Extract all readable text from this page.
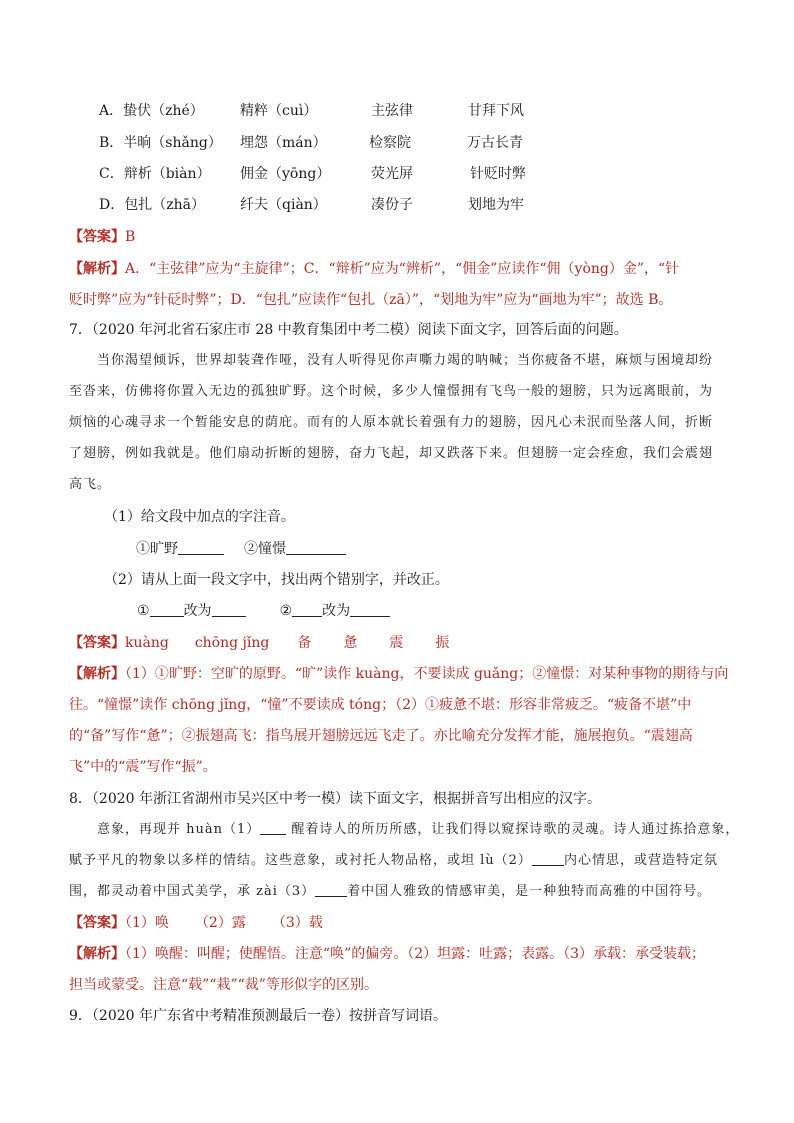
A．蛰伏（zhé）	精粹（cuì）	主弦律	甘拜下风
B．半晌（shǎng） 埋怨（mán）	检察院	万古长青
C．辩析（biàn） 佣金（yōng）	荧光屏	针贬时弊
D．包扎（zhā）	纤夫（qiàn）	凑份子	划地为牢
【答案】B
【解析】A．“主弦律”应为“主旋律”；C．“辩析”应为“辨析”，“佣金”应读作“佣（yòng）金”，“针
贬时弊”应为“针砭时弊”；D．“包扎”应读作“包扎（zā）”，“划地为牢”应为“画地为牢”；故选 B。
7．（2020 年河北省石家庄市 28 中教育集团中考二模）阅读下面文字，回答后面的问题。
当你渴望倾诉，世界却装聋作哑，没有人听得见你声嘶力竭的呐喊；当你疲备不堪，麻烦与困境却纷
至沓来，仿佛将你置入无边的孤独旷野。这个时候，多少人憧憬拥有飞鸟一般的翅膀，只为远离眼前，为
烦恼的心魂寻求一个暂能安息的荫庇。而有的人原本就长着强有力的翅膀，因凡心未泯而坠落人间，折断
了翅膀，例如我就是。他们扇动折断的翅膀，奋力飞起，却又跌落下来。但翅膀一定会痊愈，我们会震翅
高飞。
（1）给文段中加点的字注音。
①旷野	②憧憬
（2）请从上面一段文字中，找出两个错别字，并改正。
① 改为	② 改为
【答案】kuàng chōng jǐng 备 惫 震 振
【解析】（1）①旷野：空旷的原野。“旷”读作 kuàng，不要读成 guǎng；②憧憬：对某种事物的期待与向
往。“憧憬”读作 chōng jǐng，“憧”不要读成 tóng；（2）①疲惫不堪：形容非常疲乏。“疲备不堪”中
的“备”写作“惫”；②振翅高飞：指鸟展开翅膀远远飞走了。亦比喻充分发挥才能，施展抱负。“震翅高
飞”中的“震”写作“振”。
8．（2020 年浙江省湖州市吴兴区中考一模）读下面文字，根据拼音写出相应的汉字。
意象，再现并 huàn（1） 醒着诗人的所历所感，让我们得以窥探诗歌的灵魂。诗人通过拣拾意象，
赋予平凡的物象以多样的情结。这些意象，或衬托人物品格，或坦 lù（2） 内心情思，或营造特定氛
围，都灵动着中国式美学，承 zài（3） 着中国人雅致的情感审美，是一种独特而高雅的中国符号。
【答案】（1）唤 （2）露 （3）载
【解析】（1）唤醒：叫醒；使醒悟。注意“唤”的偏旁。（2）坦露：吐露；表露。（3）承载：承受装载；
担当或蒙受。注意“载”“栽”“裁”等形似字的区别。
9．（2020 年广东省中考精准预测最后一卷）按拼音写词语。
